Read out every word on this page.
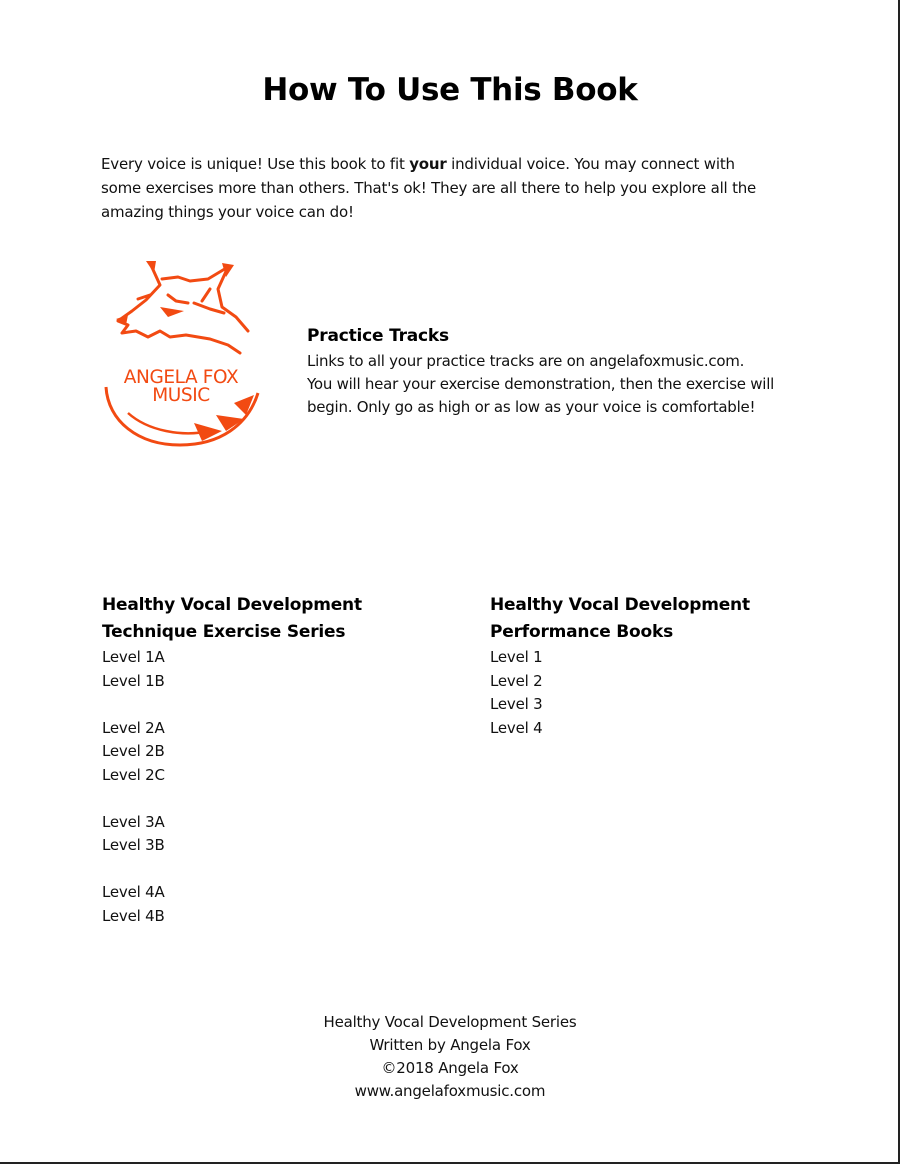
How To Use This Book
Every voice is unique! Use this book to fit your individual voice. You may connect with
some exercises more than others. That's ok! They are all there to help you explore all the
amazing things your voice can do!
ANGELA FOX
MUSIC
Practice Tracks

Links to all your practice tracks are on angelafoxmusic.com.

You will hear your exercise demonstration, then the exercise will

begin. Only go as high or as low as your voice is comfortable!

Healthy Vocal Development
Technique Exercise Series
Level 1A
Level 1B
Level 2A
Level 2B
Level 2C
Level 3A
Level 3B
Level 4A
Level 4B
Healthy Vocal Development
Performance Books
Level 1
Level 2
Level 3
Level 4
Healthy Vocal Development Series
Written by Angela Fox
©2018 Angela Fox
www.angelafoxmusic.com
